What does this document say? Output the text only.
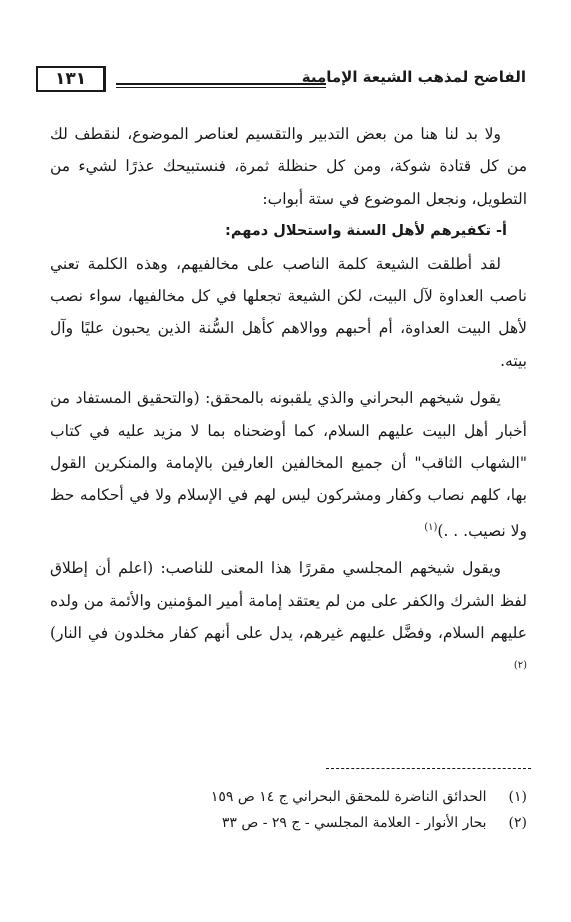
الفاضح لمذهب الشيعة الإمامية
١٣١

ولا بد لنا هنا من بعض التدبير والتقسيم لعناصر الموضوع، لنقطف لك من كل قتادة شوكة، ومن كل حنظلة ثمرة، فنستبيحك عذرًا لشيء من التطويل، ونجعل الموضوع في ستة أبواب:

أ- تكفيرهم لأهل السنة واستحلال دمهم:

لقد أطلقت الشيعة كلمة الناصب على مخالفيهم، وهذه الكلمة تعني ناصب العداوة لآل البيت، لكن الشيعة تجعلها في كل مخالفيها، سواء نصب لأهل البيت العداوة، أم أحبهم ووالاهم كأهل السُّنة الذين يحبون عليًا وآل بيته.

يقول شيخهم البحراني والذي يلقبونه بالمحقق: (والتحقيق المستفاد من أخبار أهل البيت عليهم السلام، كما أوضحناه بما لا مزيد عليه في كتاب "الشهاب الثاقب" أن جميع المخالفين العارفين بالإمامة والمنكرين القول بها، كلهم نصاب وكفار ومشركون ليس لهم في الإسلام ولا في أحكامه حظ ولا نصيب. . .)$^{(١)}$

ويقول شيخهم المجلسي مقررًا هذا المعنى للناصب: (اعلم أن إطلاق لفظ الشرك والكفر على من لم يعتقد إمامة أمير المؤمنين والأئمة من ولده عليهم السلام، وفضَّل عليهم غيرهم، يدل على أنهم كفار مخلدون في النار)$^{(٢)}$

(١) الحدائق الناضرة للمحقق البحراني ج ١٤ ص ١٥٩

(٢) بحار الأنوار - العلامة المجلسي - ج ٢٩ - ص ٣٣
